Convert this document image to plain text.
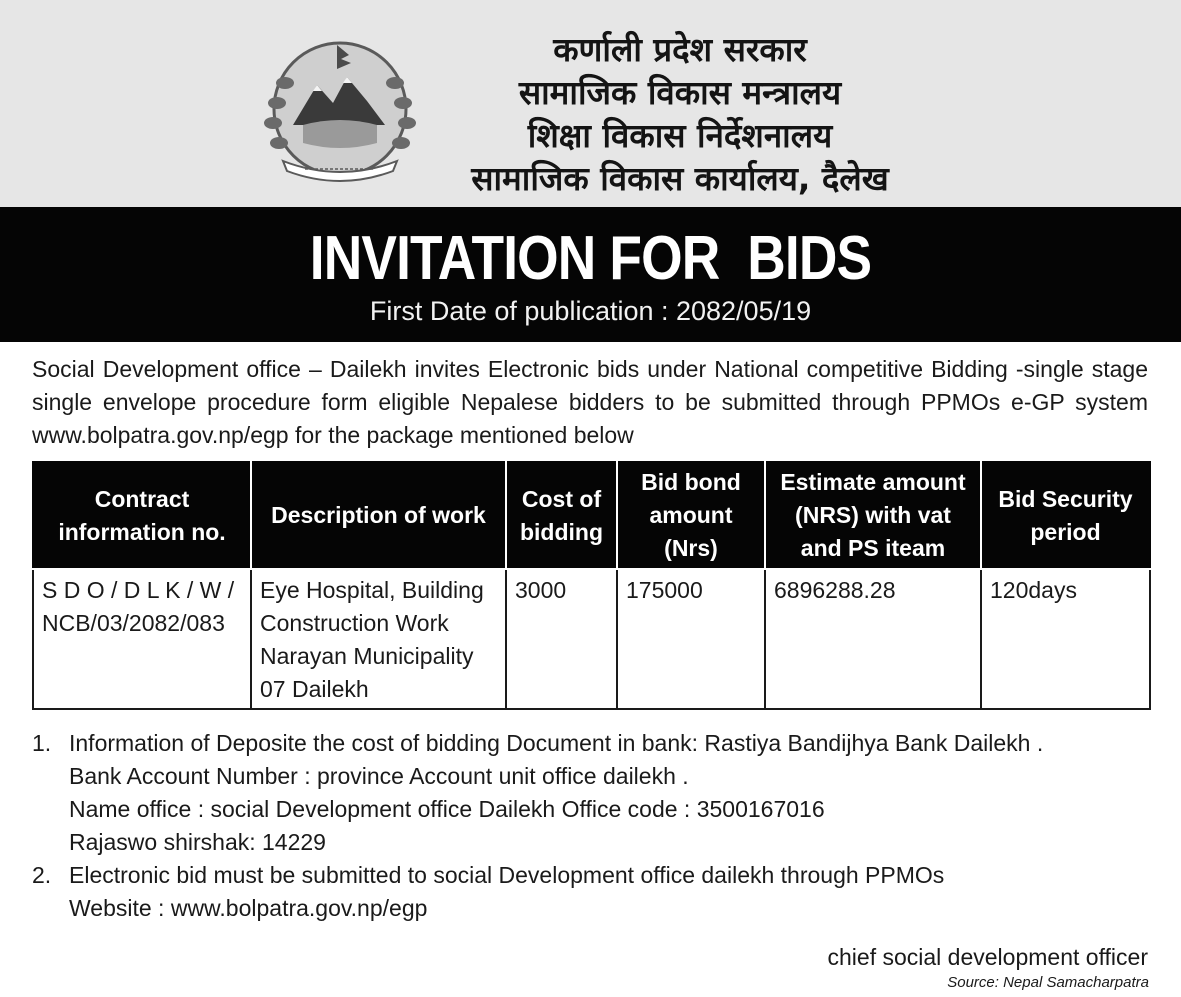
कर्णाली प्रदेश सरकार
सामाजिक विकास मन्त्रालय
शिक्षा विकास निर्देशनालय
सामाजिक विकास कार्यालय, दैलेख
INVITATION FOR  BIDS
First Date of publication : 2082/05/19
Social Development office – Dailekh invites Electronic bids under National competitive Bidding -single stage single envelope procedure form eligible Nepalese bidders to be submitted through PPMOs e-GP system www.bolpatra.gov.np/egp for the package mentioned below
Contract information no.	Description of work	Cost of bidding	Bid bond amount (Nrs)	Estimate amount (NRS) with vat and PS iteam	Bid Security period
S D O / D L K / W / NCB/03/2082/083	Eye Hospital, Building Construction Work Narayan Municipality 07 Dailekh	3000	175000	6896288.28	120days
1. Information of Deposite the cost of bidding Document in bank: Rastiya Bandijhya Bank Dailekh .
Bank Account Number : province Account unit office dailekh .
Name office : social Development office Dailekh Office code : 3500167016
Rajaswo shirshak: 14229
2. Electronic bid must be submitted to social Development office dailekh through PPMOs
Website : www.bolpatra.gov.np/egp
chief social development officer
Source: Nepal Samacharpatra
